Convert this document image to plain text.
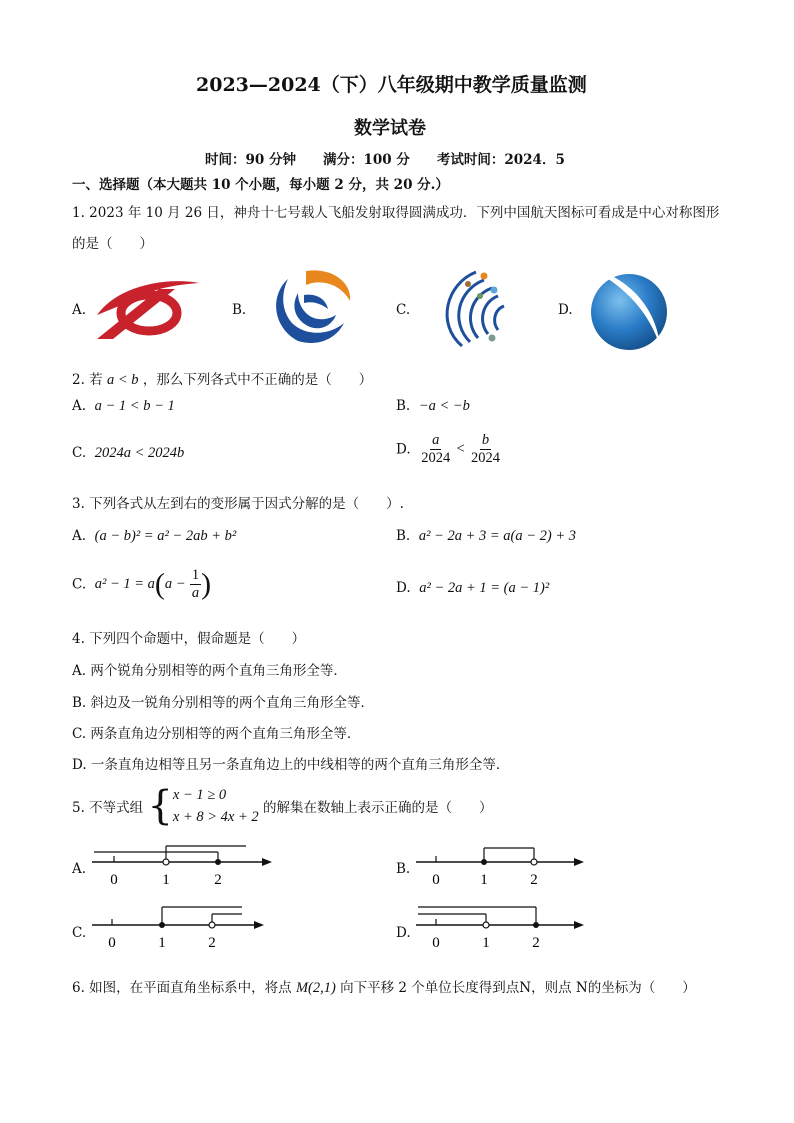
2023—2024（下）八年级期中教学质量监测
数学试卷
时间：90 分钟　　满分：100 分　　考试时间：2024．5
一、选择题（本大题共 10 个小题，每小题 2 分，共 20 分.）
1. 2023 年 10 月 26 日，神舟十七号载人飞船发射取得圆满成功．下列中国航天图标可看成是中心对称图形
的是（　　）
A.	B.	C.	D.
2. 若 a < b ，那么下列各式中不正确的是（　　）
A. a − 1 < b − 1	B. −a < −b
C. 2024a < 2024b	D. $\frac{a}{2024} < \frac{b}{2024}$
3. 下列各式从左到右的变形属于因式分解的是（　　）.
A. (a − b)² = a² − 2ab + b²	B. a² − 2a + 3 = a(a − 2) + 3
C. $a^2 - 1 = a(a - \frac{1}{a}$ )	D. a² − 2a + 1 = (a − 1)²
4. 下列四个命题中，假命题是（　　）
A. 两个锐角分别相等的两个直角三角形全等．
B. 斜边及一锐角分别相等的两个直角三角形全等．
C. 两条直角边分别相等的两个直角三角形全等．
D. 一条直角边相等且另一条直角边上的中线相等的两个直角三角形全等．
5. 不等式组 { x − 1 ≥ 0
x + 8 > 4x + 2
的解集在数轴上表示正确的是（　　）
A.
0	1	2
B.
0	1	2
C.
0	1	2
D.
0	1	2
6. 如图，在平面直角坐标系中，将点 M(2,1) 向下平移 2 个单位长度得到点N，则点 N的坐标为（　　）
